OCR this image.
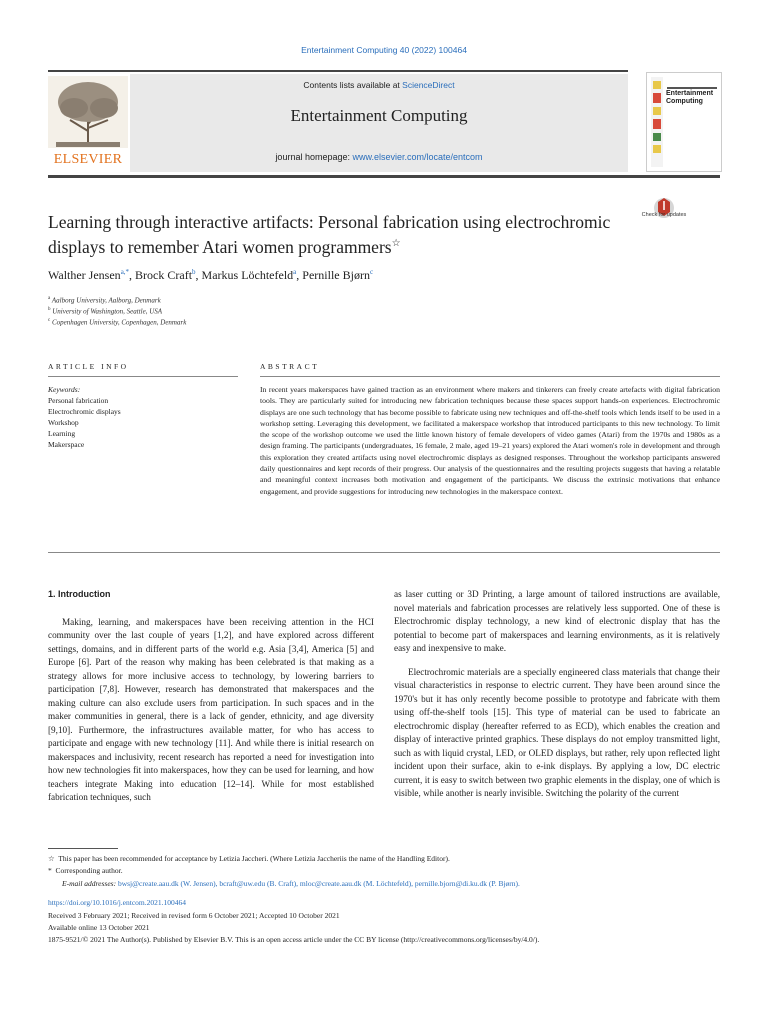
Entertainment Computing 40 (2022) 100464
ELSEVIER
Contents lists available at ScienceDirect
Entertainment Computing
journal homepage: www.elsevier.com/locate/entcom
Entertainment Computing
Check for updates
Learning through interactive artifacts: Personal fabrication using electrochromic displays to remember Atari women programmers☆
Walther Jensen$^{a,*}$, Brock Craft$^b$, Markus Löchtefeld$^a$, Pernille Bjørn$^c$
$^a$ Aalborg University, Aalborg, Denmark
$^b$ University of Washington, Seattle, USA
$^c$ Copenhagen University, Copenhagen, Denmark
ARTICLE INFO
Keywords:
Personal fabrication
Electrochromic displays
Workshop
Learning
Makerspace
ABSTRACT
In recent years makerspaces have gained traction as an environment where makers and tinkerers can freely create artefacts with digital fabrication tools. They are particularly suited for introducing new fabrication techniques because these spaces support hands-on experiences. Electrochromic displays are one such technology that has become possible to fabricate using new techniques and off-the-shelf tools which lends itself to be used in a workshop setting. Leveraging this development, we facilitated a makerspace workshop that introduced participants to this new technology. To limit the scope of the workshop outcome we used the little known history of female developers of video games (Atari) from the 1970s and 1980s as a design framing. The participants (undergraduates, 16 female, 2 male, aged 19–21 years) explored the Atari women's role in development and through this exploration they created artifacts using novel electrochromic displays as designed responses. Throughout the workshop participants answered daily questionnaires and kept records of their progress. Our analysis of the questionnaires and the resulting projects suggests that having a relatable and meaningful context increases both motivation and engagement of the participants. We discuss the extrinsic motivations that enhance engagement, and provide suggestions for introducing new technologies in the makerspace context.
1. Introduction

Making, learning, and makerspaces have been receiving attention in the HCI community over the last couple of years [1,2], and have explored across different settings, domains, and in different parts of the world e.g. Asia [3,4], America [5] and Europe [6]. Part of the reason why making has been celebrated is that making as a strategy allows for more inclusive access to technology, by lowering barriers to participation [7,8]. However, research has demonstrated that makerspaces and the making culture can also exclude users from participation. In such spaces and in the maker communities in general, there is a lack of gender, ethnicity, and age diversity [9,10]. Furthermore, the infrastructures available matter, for who has access to participate and engage with new technology [11]. And while there is initial research on makerspaces and inclusivity, recent research has reported a need for investigation into how new technologies fit into makerspaces, how they can be used for learning, and how teachers integrate Making into education [12–14]. While for most established fabrication techniques, such

as laser cutting or 3D Printing, a large amount of tailored instructions are available, novel materials and fabrication processes are relatively less supported. One of these is Electrochromic display technology, a new kind of electronic display that has the potential to become part of makerspaces and learning environments, as it is relatively easy and inexpensive to make.

Electrochromic materials are a specially engineered class materials that change their visual characteristics in response to electric current. They have been around since the 1970's but it has only recently become possible to prototype and fabricate with them using off-the-shelf tools [15]. This type of material can be used to fabricate an electrochromic display (hereafter referred to as ECD), which enables the creation and display of interactive printed graphics. These displays do not employ transmitted light, such as with liquid crystal, LED, or OLED displays, but rather, rely upon reflected light incident upon their surface, akin to e-ink displays. By applying a low, DC electric current, it is easy to switch between two graphic elements in the display, one of which is visible, while another is nearly invisible. Switching the polarity of the current

☆  This paper has been recommended for acceptance by Letizia Jaccheri. (Where Letizia Jaccheriis the name of the Handling Editor).
*  Corresponding author.
E-mail addresses: bwsj@create.aau.dk (W. Jensen), bcraft@uw.edu (B. Craft), mloc@create.aau.dk (M. Löchtefeld), pernille.bjorn@di.ku.dk (P. Bjørn).
https://doi.org/10.1016/j.entcom.2021.100464
Received 3 February 2021; Received in revised form 6 October 2021; Accepted 10 October 2021
Available online 13 October 2021
1875-9521/© 2021 The Author(s). Published by Elsevier B.V. This is an open access article under the CC BY license (http://creativecommons.org/licenses/by/4.0/).
